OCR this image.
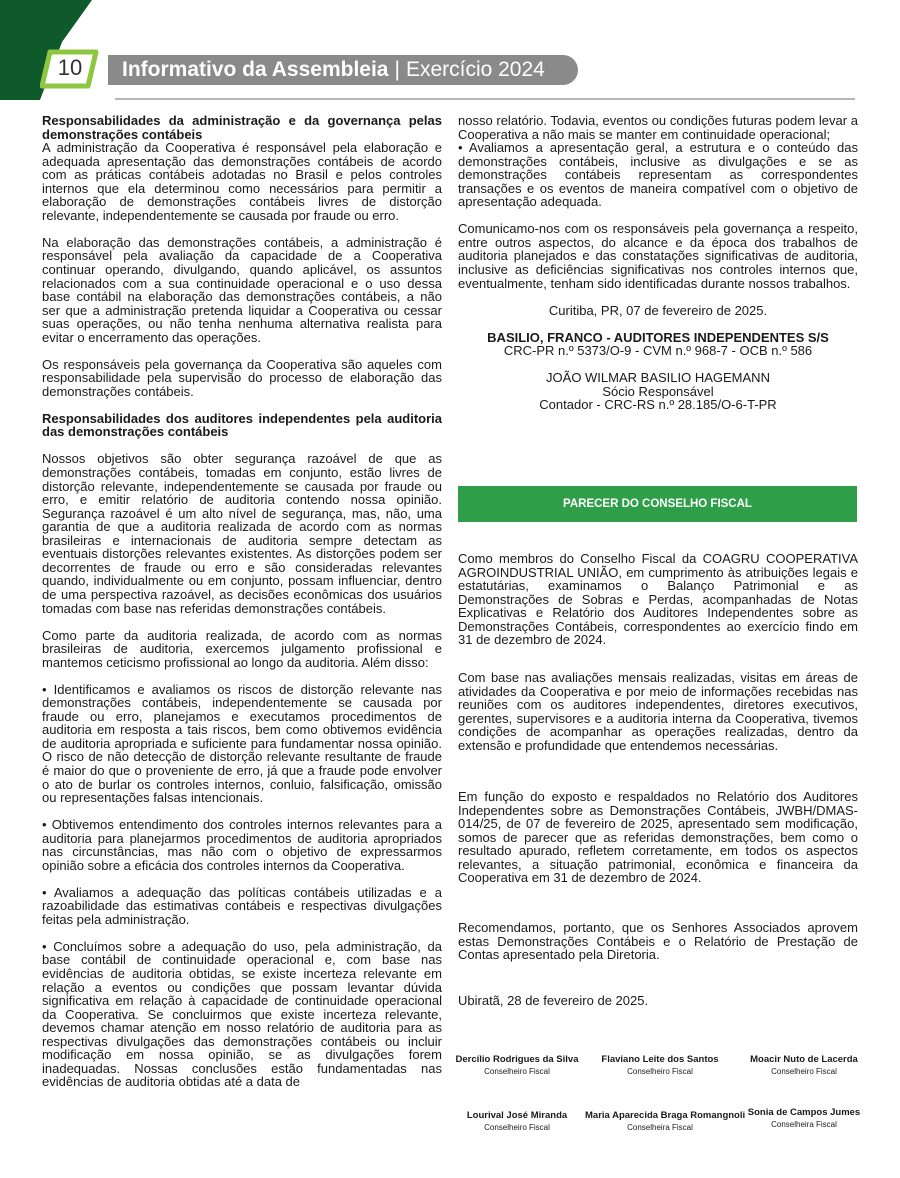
10	Informativo da Assembleia | Exercício 2024

Responsabilidades da administração e da governança pelas demonstrações contábeis

A administração da Cooperativa é responsável pela elaboração e adequada apresentação das demonstrações contábeis de acordo com as práticas contábeis adotadas no Brasil e pelos controles internos que ela determinou como necessários para permitir a elaboração de demonstrações contábeis livres de distorção relevante, independentemente se causada por fraude ou erro.

Na elaboração das demonstrações contábeis, a administração é responsável pela avaliação da capacidade de a Cooperativa continuar operando, divulgando, quando aplicável, os assuntos relacionados com a sua continuidade operacional e o uso dessa base contábil na elaboração das demonstrações contábeis, a não ser que a administração pretenda liquidar a Cooperativa ou cessar suas operações, ou não tenha nenhuma alternativa realista para evitar o encerramento das operações.

Os responsáveis pela governança da Cooperativa são aqueles com responsabilidade pela supervisão do processo de elaboração das demonstrações contábeis.

Responsabilidades dos auditores independentes pela auditoria das demonstrações contábeis

Nossos objetivos são obter segurança razoável de que as demonstrações contábeis, tomadas em conjunto, estão livres de distorção relevante, independentemente se causada por fraude ou erro, e emitir relatório de auditoria contendo nossa opinião. Segurança razoável é um alto nível de segurança, mas, não, uma garantia de que a auditoria realizada de acordo com as normas brasileiras e internacionais de auditoria sempre detectam as eventuais distorções relevantes existentes. As distorções podem ser decorrentes de fraude ou erro e são consideradas relevantes quando, individualmente ou em conjunto, possam influenciar, dentro de uma perspectiva razoável, as decisões econômicas dos usuários tomadas com base nas referidas demonstrações contábeis.

Como parte da auditoria realizada, de acordo com as normas brasileiras de auditoria, exercemos julgamento profissional e mantemos ceticismo profissional ao longo da auditoria. Além disso:

• Identificamos e avaliamos os riscos de distorção relevante nas demonstrações contábeis, independentemente se causada por fraude ou erro, planejamos e executamos procedimentos de auditoria em resposta a tais riscos, bem como obtivemos evidência de auditoria apropriada e suficiente para fundamentar nossa opinião. O risco de não detecção de distorção relevante resultante de fraude é maior do que o proveniente de erro, já que a fraude pode envolver o ato de burlar os controles internos, conluio, falsificação, omissão ou representações falsas intencionais.

• Obtivemos entendimento dos controles internos relevantes para a auditoria para planejarmos procedimentos de auditoria apropriados nas circunstâncias, mas não com o objetivo de expressarmos opinião sobre a eficácia dos controles internos da Cooperativa.

• Avaliamos a adequação das políticas contábeis utilizadas e a razoabilidade das estimativas contábeis e respectivas divulgações feitas pela administração.

• Concluímos sobre a adequação do uso, pela administração, da base contábil de continuidade operacional e, com base nas evidências de auditoria obtidas, se existe incerteza relevante em relação a eventos ou condições que possam levantar dúvida significativa em relação à capacidade de continuidade operacional da Cooperativa. Se concluirmos que existe incerteza relevante, devemos chamar atenção em nosso relatório de auditoria para as respectivas divulgações das demonstrações contábeis ou incluir modificação em nossa opinião, se as divulgações forem inadequadas. Nossas conclusões estão fundamentadas nas evidências de auditoria obtidas até a data de

nosso relatório. Todavia, eventos ou condições futuras podem levar a Cooperativa a não mais se manter em continuidade operacional;

• Avaliamos a apresentação geral, a estrutura e o conteúdo das demonstrações contábeis, inclusive as divulgações e se as demonstrações contábeis representam as correspondentes transações e os eventos de maneira compatível com o objetivo de apresentação adequada.

Comunicamo-nos com os responsáveis pela governança a respeito, entre outros aspectos, do alcance e da época dos trabalhos de auditoria planejados e das constatações significativas de auditoria, inclusive as deficiências significativas nos controles internos que, eventualmente, tenham sido identificadas durante nossos trabalhos.

Curitiba, PR, 07 de fevereiro de 2025.

BASILIO, FRANCO - AUDITORES INDEPENDENTES S/S

CRC-PR n.º 5373/O-9 - CVM n.º 968-7 - OCB n.º 586

JOÃO WILMAR BASILIO HAGEMANN

Sócio Responsável

Contador - CRC-RS n.º 28.185/O-6-T-PR

PARECER DO CONSELHO FISCAL

Como membros do Conselho Fiscal da COAGRU COOPERATIVA AGROINDUSTRIAL UNIÃO, em cumprimento às atribuições legais e estatutárias, examinamos o Balanço Patrimonial e as Demonstrações de Sobras e Perdas, acompanhadas de Notas Explicativas e Relatório dos Auditores Independentes sobre as Demonstrações Contábeis, correspondentes ao exercício findo em 31 de dezembro de 2024.

Com base nas avaliações mensais realizadas, visitas em áreas de atividades da Cooperativa e por meio de informações recebidas nas reuniões com os auditores independentes, diretores executivos, gerentes, supervisores e a auditoria interna da Cooperativa, tivemos condições de acompanhar as operações realizadas, dentro da extensão e profundidade que entendemos necessárias.

Em função do exposto e respaldados no Relatório dos Auditores Independentes sobre as Demonstrações Contábeis, JWBH/DMAS-014/25, de 07 de fevereiro de 2025, apresentado sem modificação, somos de parecer que as referidas demonstrações, bem como o resultado apurado, refletem corretamente, em todos os aspectos relevantes, a situação patrimonial, econômica e financeira da Cooperativa em 31 de dezembro de 2024.

Recomendamos, portanto, que os Senhores Associados aprovem estas Demonstrações Contábeis e o Relatório de Prestação de Contas apresentado pela Diretoria.

Ubiratã, 28 de fevereiro de 2025.

Dercílio Rodrigues da Silva
Conselheiro Fiscal
Flaviano Leite dos Santos
Conselheiro Fiscal
Moacir Nuto de Lacerda
Conselheiro Fiscal
Lourival José Miranda
Conselheiro Fiscal
Maria Aparecida Braga Romangnoli
Conselheira Fiscal
Sonia de Campos Jumes
Conselheira Fiscal
